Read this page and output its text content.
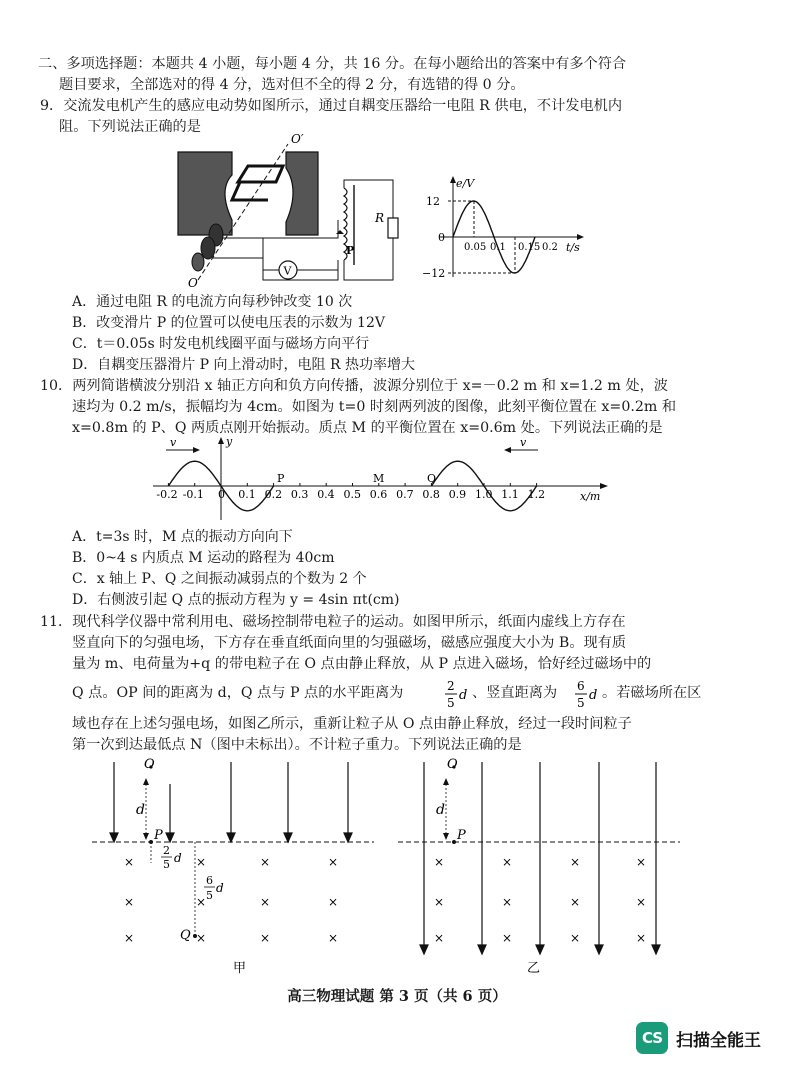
二、多项选择题：本题共 4 小题，每小题 4 分，共 16 分。在每小题给出的答案中有多个符合
题目要求，全部选对的得 4 分，选对但不全的得 2 分，有选错的得 0 分。
9．交流发电机产生的感应电动势如图所示，通过自耦变压器给一电阻 R 供电，不计发电机内
阻。下列说法正确的是
V
P
R
O′
O
e/V
12
0
−12
0.05 0.1 0.15 0.2 t/s
A．通过电阻 R 的电流方向每秒钟改变 10 次
B．改变滑片 P 的位置可以使电压表的示数为 12V
C．t＝0.05s 时发电机线圈平面与磁场方向平行
D．自耦变压器滑片 P 向上滑动时，电阻 R 热功率增大
10．两列简谐横波分别沿 x 轴正方向和负方向传播，波源分别位于 x=－0.2 m 和 x=1.2 m 处，波
速均为 0.2 m/s，振幅均为 4cm。如图为 t=0 时刻两列波的图像，此刻平衡位置在 x=0.2m 和
x=0.8m 的 P、Q 两质点刚开始振动。质点 M 的平衡位置在 x=0.6m 处。下列说法正确的是
v	v
y
-0.2 -0.1 0 0.1 0.2 0.3 0.4 0.5 0.6 0.7 0.8 0.9 1.0 1.1 1.2
P	M	Q
x/m
A．t=3s 时，M 点的振动方向向下
B．0~4 s 内质点 M 运动的路程为 40cm
C．x 轴上 P、Q 之间振动减弱点的个数为 2 个
D．右侧波引起 Q 点的振动方程为 y = 4sin πt(cm)
11．现代科学仪器中常利用电、磁场控制带电粒子的运动。如图甲所示，纸面内虚线上方存在
竖直向下的匀强电场，下方存在垂直纸面向里的匀强磁场，磁感应强度大小为 B。现有质
量为 m、电荷量为+q 的带电粒子在 O 点由静止释放，从 P 点进入磁场，恰好经过磁场中的
Q 点。OP 间的距离为 d，Q 点与 P 点的水平距离为	2
5 d 、竖直距离为 6
5 d 。若磁场所在区
域也存在上述匀强电场，如图乙所示，重新让粒子从 O 点由静止释放，经过一段时间粒子
第一次到达最低点 N（图中未标出）。不计粒子重力。下列说法正确的是
d
O
P
2
5 d
6
5
d
Q
×	×	×	×
×	×	×	×
×	×	×	×
甲
d
O
P
×	×	×	×
×	×	×	×
×	×	×	×
乙
高三物理试题 第 3 页（共 6 页）
CS 扫描全能王
